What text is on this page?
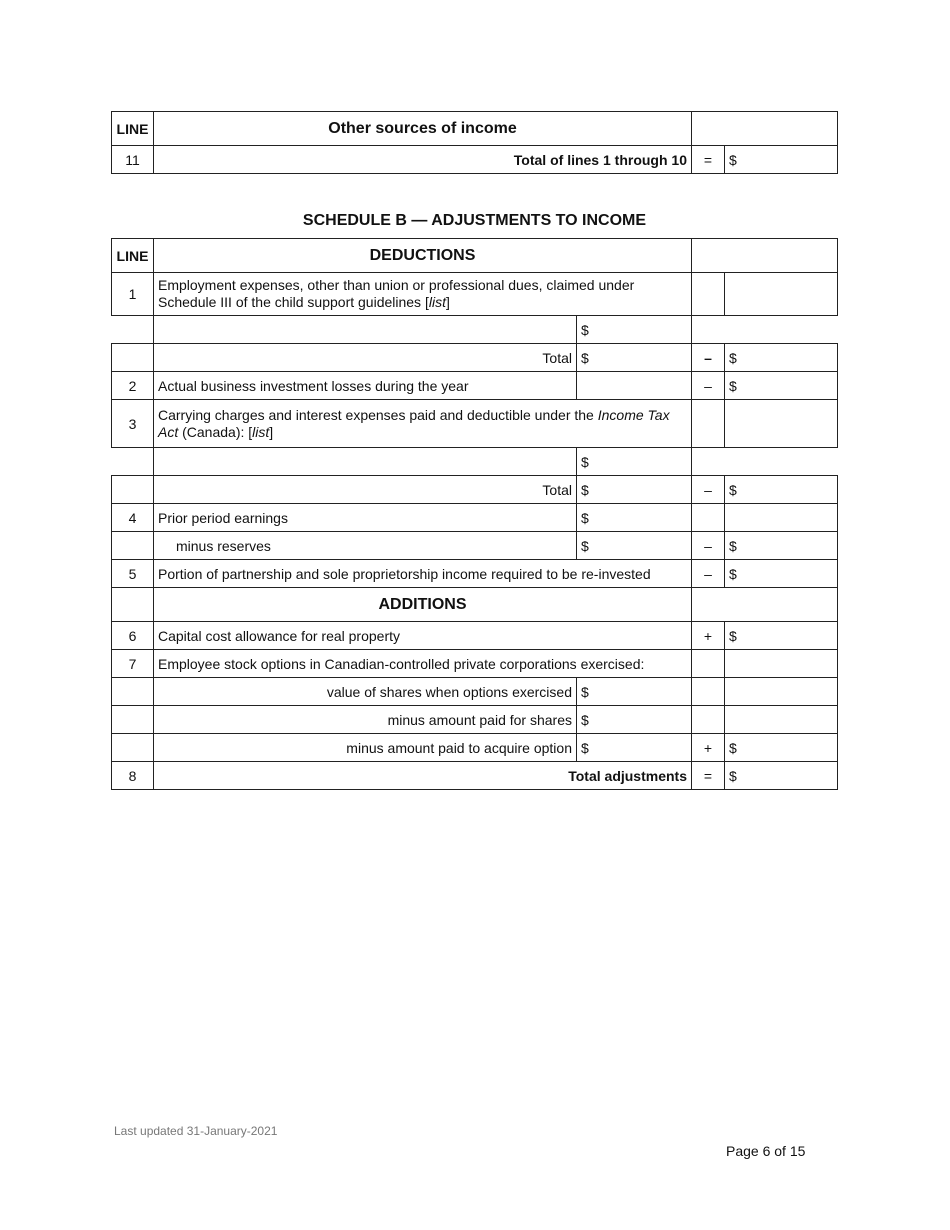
LINE	Other sources of income		
11	Total of lines 1 through 10	=	$
SCHEDULE B — ADJUSTMENTS TO INCOME
LINE	DEDUCTIONS			
1	Employment expenses, other than union or professional dues, claimed under Schedule III of the child support guidelines [list]			
		$		
	Total	$	–	$
2	Actual business investment losses during the year		–	$
3	Carrying charges and interest expenses paid and deductible under the Income Tax Act (Canada): [list]			
		$		
	Total	$	–	$
4	Prior period earnings	$		
	minus reserves	$	–	$
5	Portion of partnership and sole proprietorship income required to be re-invested		–	$
	ADDITIONS			
6	Capital cost allowance for real property		+	$
7	Employee stock options in Canadian-controlled private corporations exercised:			
	value of shares when options exercised	$		
	minus amount paid for shares	$		
	minus amount paid to acquire option	$	+	$
8	Total adjustments		=	$
Last updated 31-January-2021
Page 6 of 15
